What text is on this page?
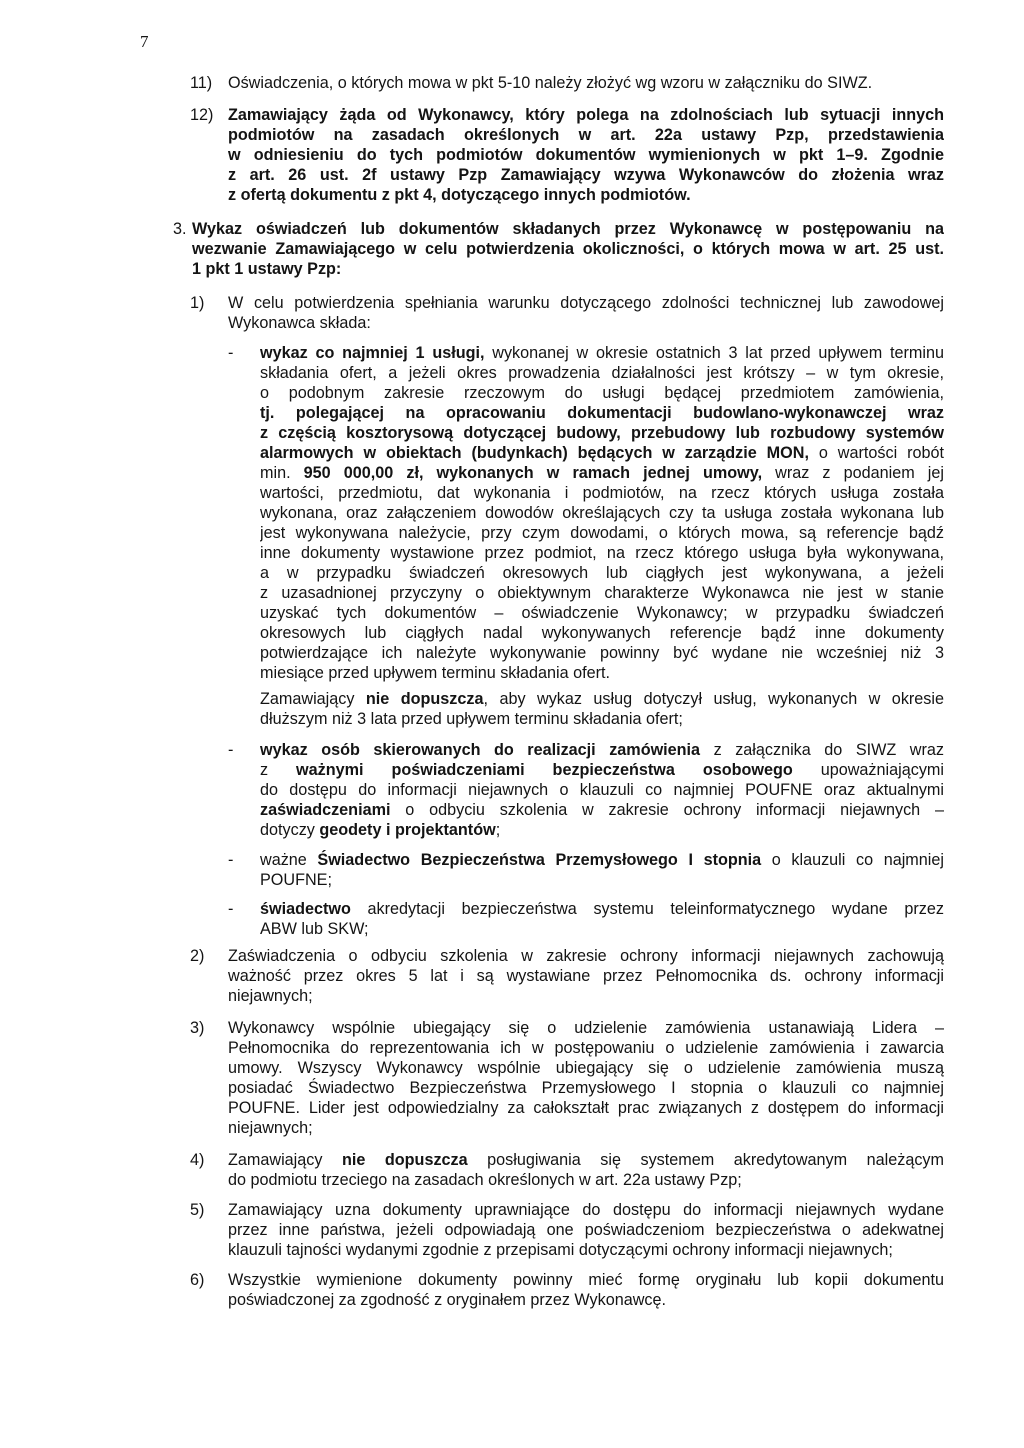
7
11) Oświadczenia, o których mowa w pkt 5-10 należy złożyć wg wzoru w załączniku do SIWZ.
12) Zamawiający żąda od Wykonawcy, który polega na zdolnościach lub sytuacji innych
podmiotów na zasadach określonych w art. 22a ustawy Pzp, przedstawienia
w odniesieniu do tych podmiotów dokumentów wymienionych w pkt 1–9. Zgodnie
z art. 26 ust. 2f ustawy Pzp Zamawiający wzywa Wykonawców do złożenia wraz
z ofertą dokumentu z pkt 4, dotyczącego innych podmiotów.
3. Wykaz oświadczeń lub dokumentów składanych przez Wykonawcę w postępowaniu na
wezwanie Zamawiającego w celu potwierdzenia okoliczności, o których mowa w art. 25 ust.
1 pkt 1 ustawy Pzp:
1) W celu potwierdzenia spełniania warunku dotyczącego zdolności technicznej lub zawodowej
Wykonawca składa:
- wykaz co najmniej 1 usługi, wykonanej w okresie ostatnich 3 lat przed upływem terminu
składania ofert, a jeżeli okres prowadzenia działalności jest krótszy – w tym okresie,
o podobnym zakresie rzeczowym do usługi będącej przedmiotem zamówienia,
tj. polegającej na opracowaniu dokumentacji budowlano-wykonawczej wraz
z częścią kosztorysową dotyczącej budowy, przebudowy lub rozbudowy systemów
alarmowych w obiektach (budynkach) będących w zarządzie MON, o wartości robót
min. 950 000,00 zł, wykonanych w ramach jednej umowy, wraz z podaniem jej
wartości, przedmiotu, dat wykonania i podmiotów, na rzecz których usługa została
wykonana, oraz załączeniem dowodów określających czy ta usługa została wykonana lub
jest wykonywana należycie, przy czym dowodami, o których mowa, są referencje bądź
inne dokumenty wystawione przez podmiot, na rzecz którego usługa była wykonywana,
a w przypadku świadczeń okresowych lub ciągłych jest wykonywana, a jeżeli
z uzasadnionej przyczyny o obiektywnym charakterze Wykonawca nie jest w stanie
uzyskać tych dokumentów – oświadczenie Wykonawcy; w przypadku świadczeń
okresowych lub ciągłych nadal wykonywanych referencje bądź inne dokumenty
potwierdzające ich należyte wykonywanie powinny być wydane nie wcześniej niż 3
miesiące przed upływem terminu składania ofert.
Zamawiający nie dopuszcza, aby wykaz usług dotyczył usług, wykonanych w okresie
dłuższym niż 3 lata przed upływem terminu składania ofert;
- wykaz osób skierowanych do realizacji zamówienia z załącznika do SIWZ wraz
z ważnymi poświadczeniami bezpieczeństwa osobowego upoważniającymi
do dostępu do informacji niejawnych o klauzuli co najmniej POUFNE oraz aktualnymi
zaświadczeniami o odbyciu szkolenia w zakresie ochrony informacji niejawnych –
dotyczy geodety i projektantów;
- ważne Świadectwo Bezpieczeństwa Przemysłowego I stopnia o klauzuli co najmniej
POUFNE;
- świadectwo akredytacji bezpieczeństwa systemu teleinformatycznego wydane przez
ABW lub SKW;
2) Zaświadczenia o odbyciu szkolenia w zakresie ochrony informacji niejawnych zachowują
ważność przez okres 5 lat i są wystawiane przez Pełnomocnika ds. ochrony informacji
niejawnych;
3) Wykonawcy wspólnie ubiegający się o udzielenie zamówienia ustanawiają Lidera –
Pełnomocnika do reprezentowania ich w postępowaniu o udzielenie zamówienia i zawarcia
umowy. Wszyscy Wykonawcy wspólnie ubiegający się o udzielenie zamówienia muszą
posiadać Świadectwo Bezpieczeństwa Przemysłowego I stopnia o klauzuli co najmniej
POUFNE. Lider jest odpowiedzialny za całokształt prac związanych z dostępem do informacji
niejawnych;
4) Zamawiający nie dopuszcza posługiwania się systemem akredytowanym należącym
do podmiotu trzeciego na zasadach określonych w art. 22a ustawy Pzp;
5) Zamawiający uzna dokumenty uprawniające do dostępu do informacji niejawnych wydane
przez inne państwa, jeżeli odpowiadają one poświadczeniom bezpieczeństwa o adekwatnej
klauzuli tajności wydanymi zgodnie z przepisami dotyczącymi ochrony informacji niejawnych;
6) Wszystkie wymienione dokumenty powinny mieć formę oryginału lub kopii dokumentu
poświadczonej za zgodność z oryginałem przez Wykonawcę.
